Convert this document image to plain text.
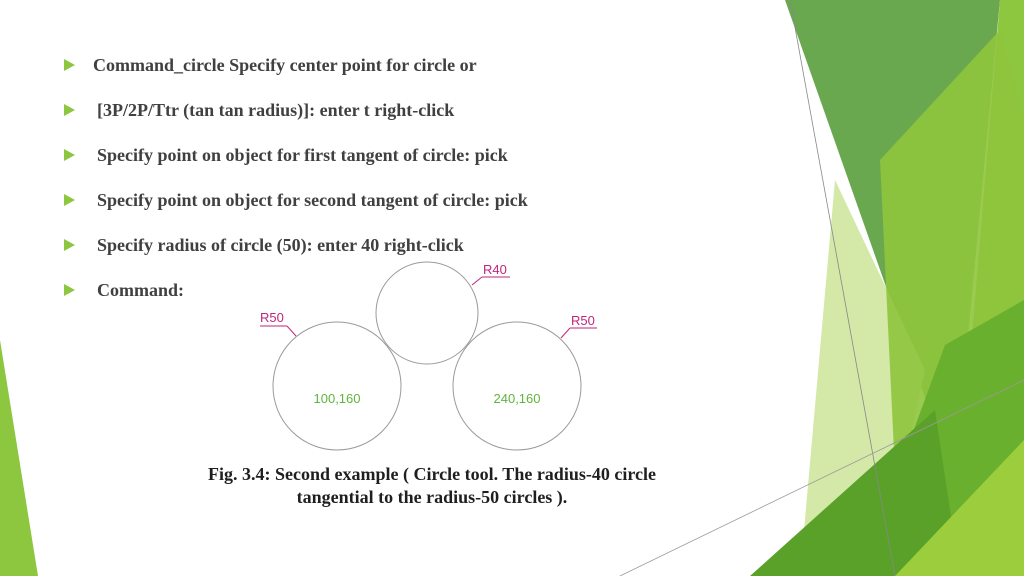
Command_circle Specify center point for circle or
[3P/2P/Ttr (tan tan radius)]: enter t right-click
Specify point on object for first tangent of circle: pick
Specify point on object for second tangent of circle: pick
Specify radius of circle (50): enter 40 right-click
Command:
R50
R40
R50
100,160	240,160
Fig. 3.4: Second example ( Circle tool. The radius-40 circle
tangential to the radius-50 circles ).
